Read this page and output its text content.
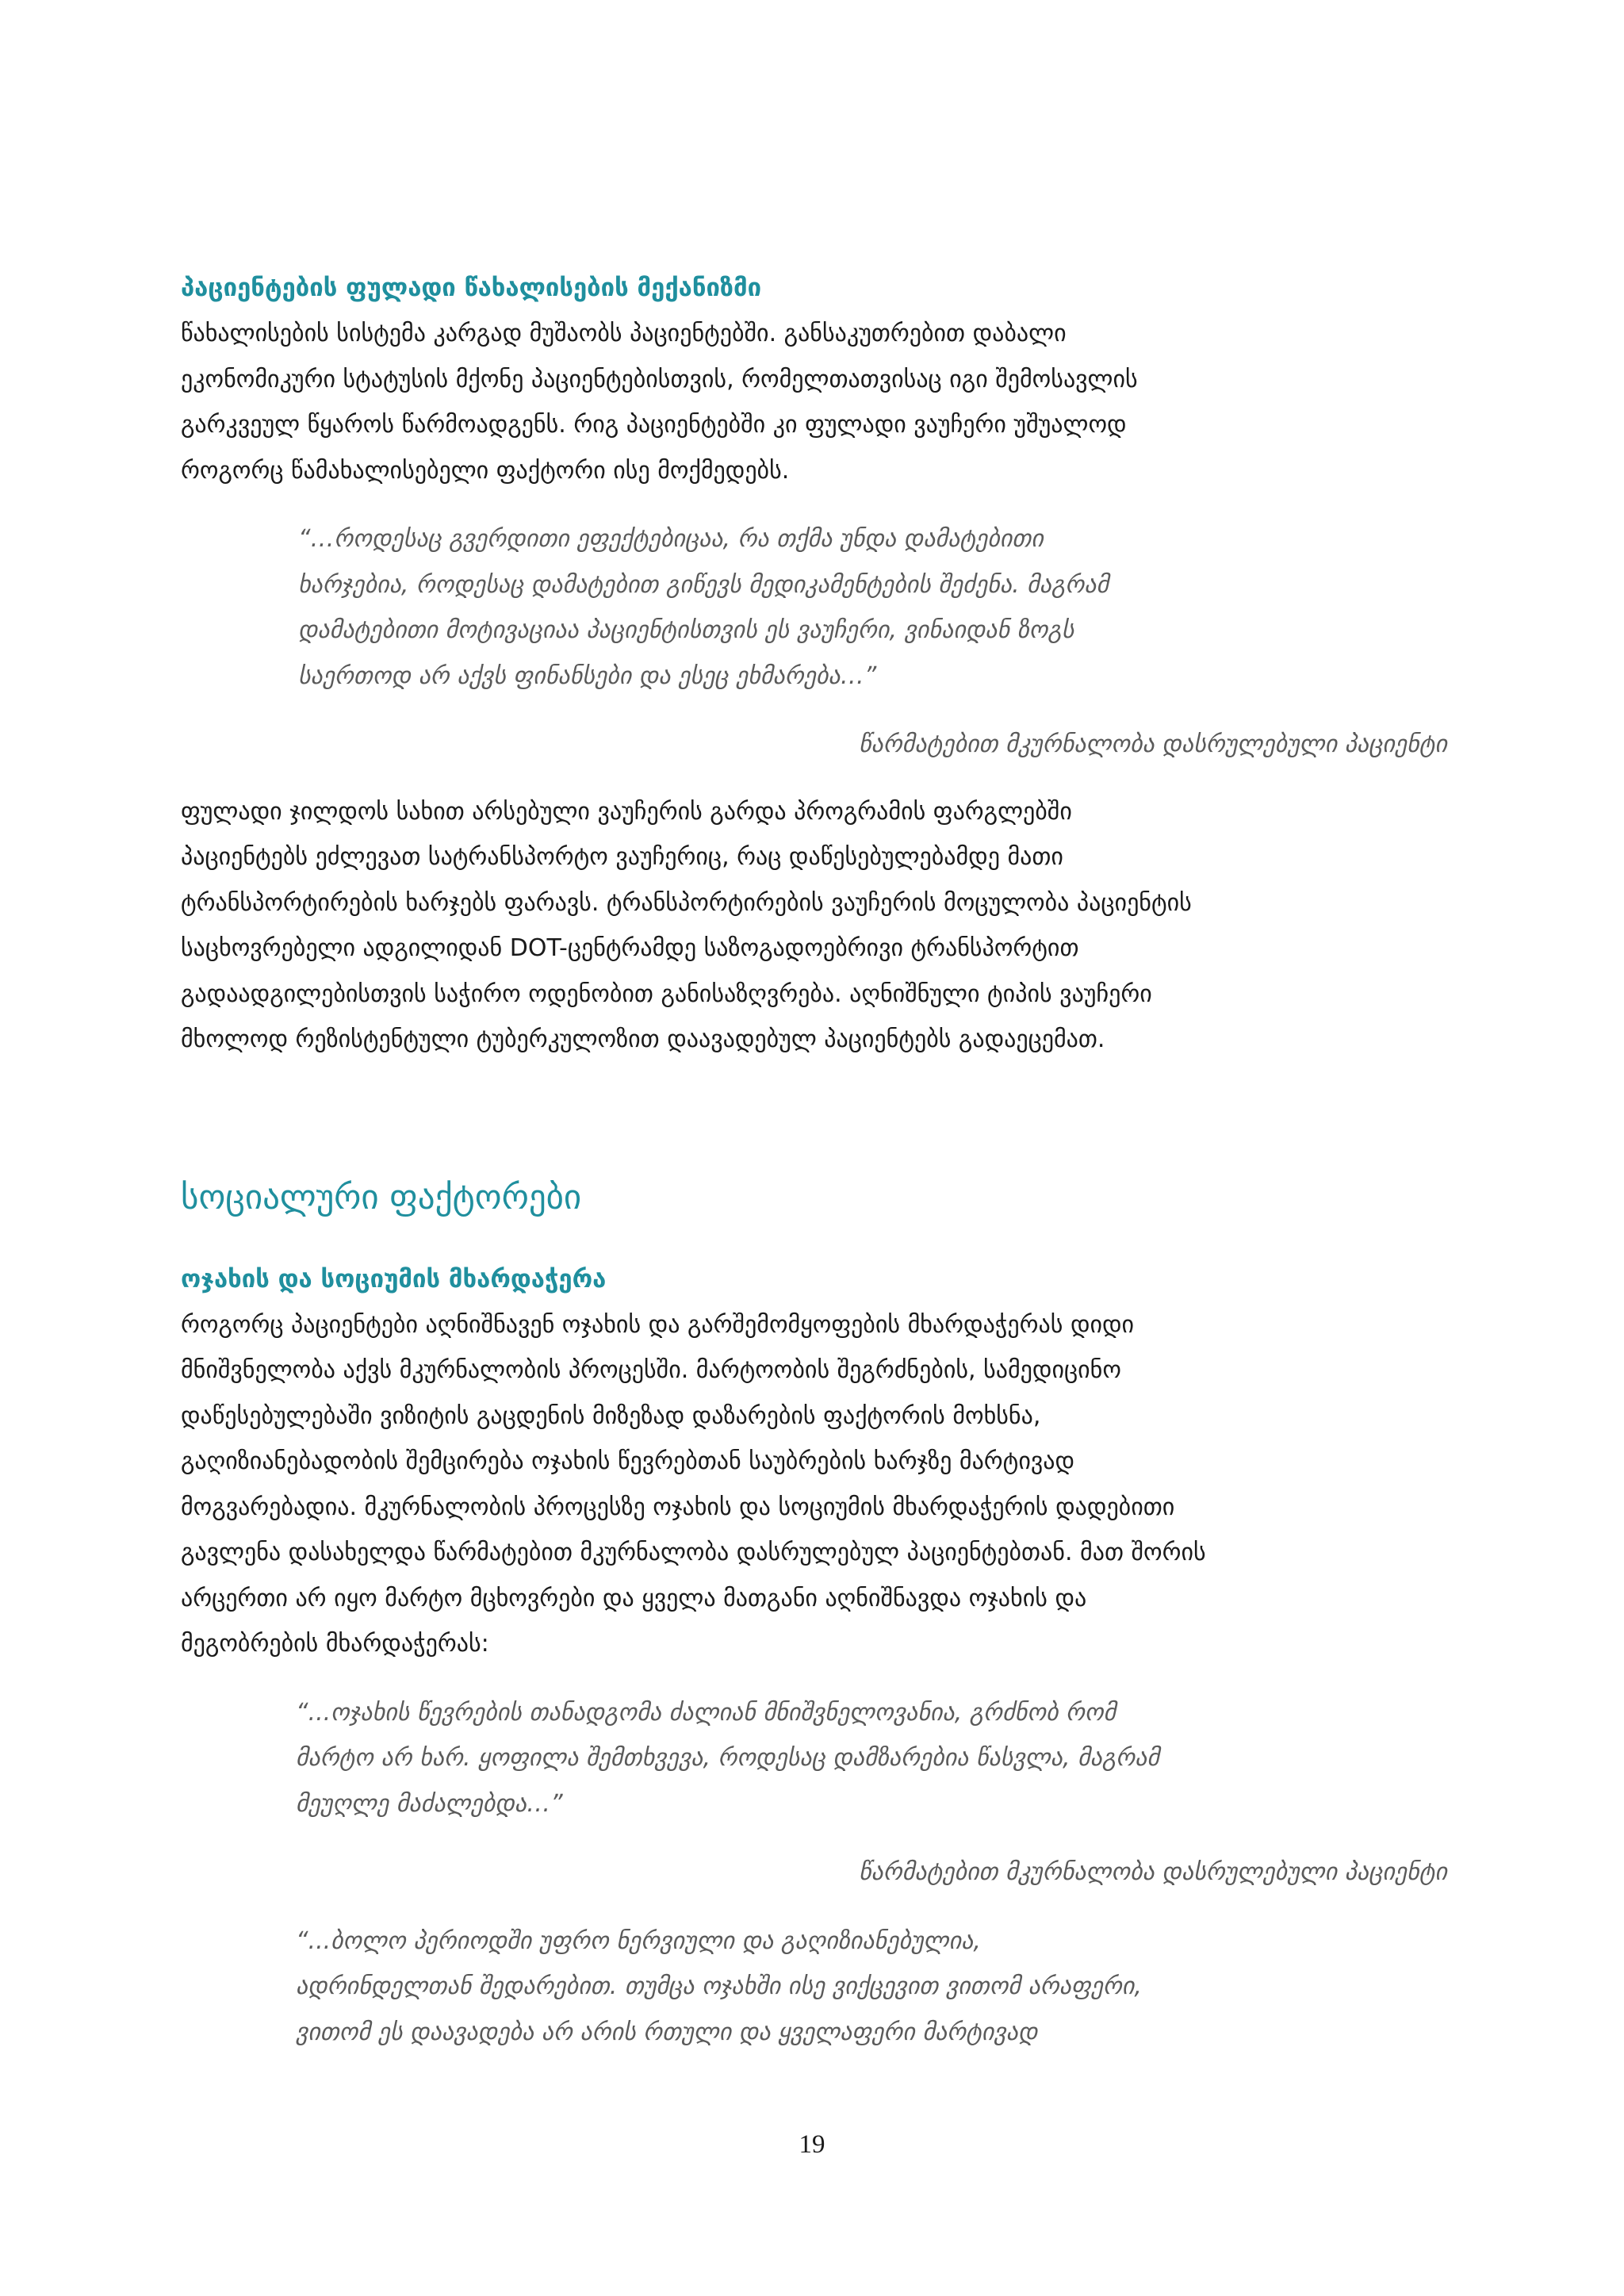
პაციენტების ფულადი წახალისების მექანიზმი
წახალისების სისტემა კარგად მუშაობს პაციენტებში. განსაკუთრებით დაბალი
ეკონომიკური სტატუსის მქონე პაციენტებისთვის, რომელთათვისაც იგი შემოსავლის
გარკვეულ წყაროს წარმოადგენს. რიგ პაციენტებში კი ფულადი ვაუჩერი უშუალოდ
როგორც წამახალისებელი ფაქტორი ისე მოქმედებს.
“…როდესაც გვერდითი ეფექტებიცაა, რა თქმა უნდა დამატებითი
ხარჯებია, როდესაც დამატებით გიწევს მედიკამენტების შეძენა. მაგრამ
დამატებითი მოტივაციაა პაციენტისთვის ეს ვაუჩერი, ვინაიდან ზოგს
საერთოდ არ აქვს ფინანსები და ესეც ეხმარება…”
წარმატებით მკურნალობა დასრულებული პაციენტი
ფულადი ჯილდოს სახით არსებული ვაუჩერის გარდა პროგრამის ფარგლებში
პაციენტებს ეძლევათ სატრანსპორტო ვაუჩერიც, რაც დაწესებულებამდე მათი
ტრანსპორტირების ხარჯებს ფარავს. ტრანსპორტირების ვაუჩერის მოცულობა პაციენტის
საცხოვრებელი ადგილიდან DOT-ცენტრამდე საზოგადოებრივი ტრანსპორტით
გადაადგილებისთვის საჭირო ოდენობით განისაზღვრება. აღნიშნული ტიპის ვაუჩერი
მხოლოდ რეზისტენტული ტუბერკულოზით დაავადებულ პაციენტებს გადაეცემათ.
სოციალური ფაქტორები
ოჯახის და სოციუმის მხარდაჭერა
როგორც პაციენტები აღნიშნავენ ოჯახის და გარშემომყოფების მხარდაჭერას დიდი
მნიშვნელობა აქვს მკურნალობის პროცესში. მარტოობის შეგრძნების, სამედიცინო
დაწესებულებაში ვიზიტის გაცდენის მიზეზად დაზარების ფაქტორის მოხსნა,
გაღიზიანებადობის შემცირება ოჯახის წევრებთან საუბრების ხარჯზე მარტივად
მოგვარებადია. მკურნალობის პროცესზე ოჯახის და სოციუმის მხარდაჭერის დადებითი
გავლენა დასახელდა წარმატებით მკურნალობა დასრულებულ პაციენტებთან. მათ შორის
არცერთი არ იყო მარტო მცხოვრები და ყველა მათგანი აღნიშნავდა ოჯახის და
მეგობრების მხარდაჭერას:
“...ოჯახის წევრების თანადგომა ძალიან მნიშვნელოვანია, გრძნობ რომ
მარტო არ ხარ. ყოფილა შემთხვევა, როდესაც დამზარებია წასვლა, მაგრამ
მეუღლე მაძალებდა…”
წარმატებით მკურნალობა დასრულებული პაციენტი
“...ბოლო პერიოდში უფრო ნერვიული და გაღიზიანებულია,
ადრინდელთან შედარებით. თუმცა ოჯახში ისე ვიქცევით ვითომ არაფერი,
ვითომ ეს დაავადება არ არის რთული და ყველაფერი მარტივად
19
